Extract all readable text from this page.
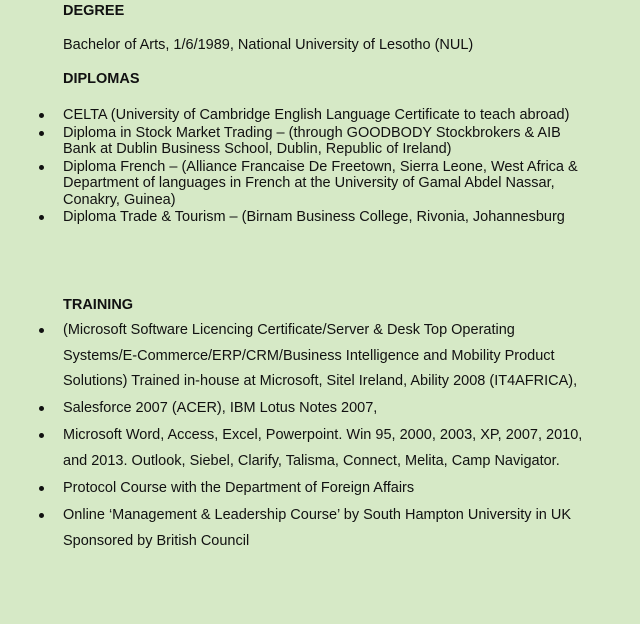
DEGREE
Bachelor of Arts, 1/6/1989, National University of Lesotho (NUL)
DIPLOMAS
CELTA (University of Cambridge English Language Certificate to teach abroad)
Diploma in Stock Market Trading – (through GOODBODY Stockbrokers & AIB Bank at Dublin Business School, Dublin, Republic of Ireland)
Diploma French – (Alliance Francaise De Freetown, Sierra Leone, West Africa & Department of languages in French at the University of Gamal Abdel Nassar, Conakry, Guinea)
Diploma Trade & Tourism – (Birnam Business College, Rivonia, Johannesburg
TRAINING
(Microsoft Software Licencing Certificate/Server & Desk Top Operating Systems/E-Commerce/ERP/CRM/Business Intelligence and Mobility Product Solutions) Trained in-house at Microsoft, Sitel Ireland, Ability 2008 (IT4AFRICA),
Salesforce 2007 (ACER), IBM Lotus Notes 2007,
Microsoft Word, Access, Excel, Powerpoint. Win 95, 2000, 2003, XP, 2007, 2010, and 2013. Outlook, Siebel, Clarify, Talisma, Connect, Melita, Camp Navigator.
Protocol Course with the Department of Foreign Affairs
Online ‘Management & Leadership Course’ by South Hampton University in UK Sponsored by British Council
